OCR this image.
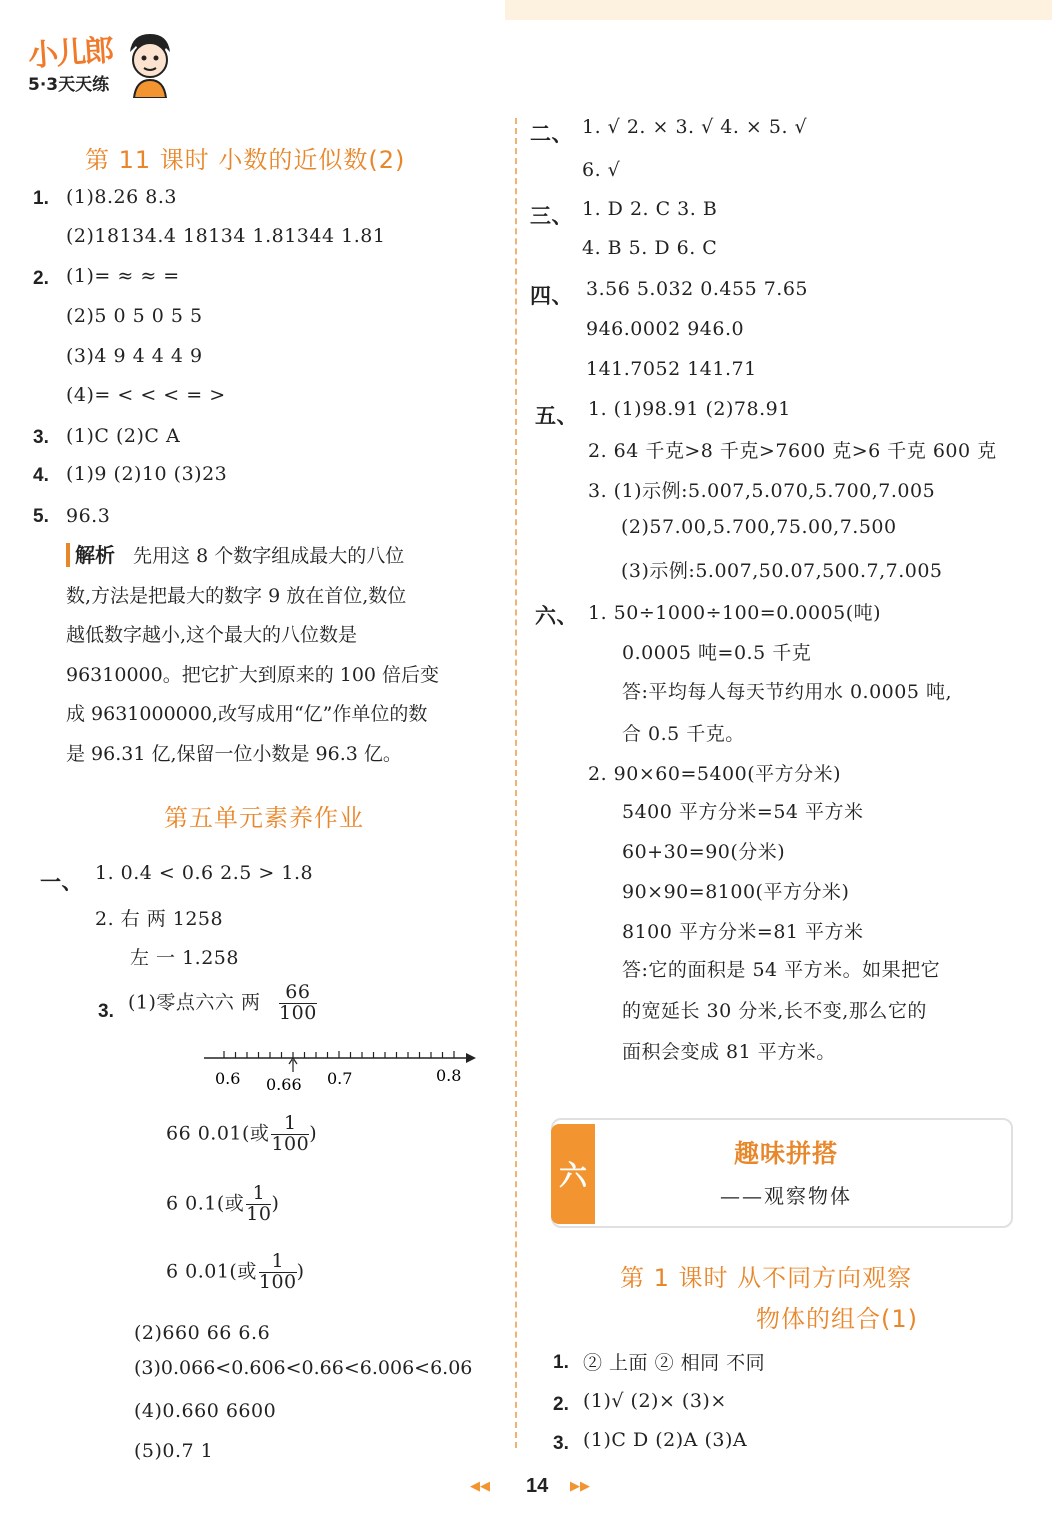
小儿郎
5·3天天练
第 11 课时 小数的近似数(2)
1. (1)8.26 8.3
(2)18134.4 18134 1.81344 1.81
2. (1)= ≈ ≈ =
(2)5 0 5 0 5 5
(3)4 9 4 4 4 9
(4)= < < < = >
3. (1)C (2)C A
4. (1)9 (2)10 (3)23
5. 96.3
解析 先用这 8 个数字组成最大的八位
数,方法是把最大的数字 9 放在首位,数位
越低数字越小,这个最大的八位数是
96310000。把它扩大到原来的 100 倍后变
成 9631000000,改写成用“亿”作单位的数
是 96.31 亿,保留一位小数是 96.3 亿。
第五单元素养作业
一、 1. 0.4 < 0.6 2.5 > 1.8
2. 右 两 1258
左 一 1.258
3. (1)零点六六 两 $\frac{66}{100}$
0.6 0.66 0.7	0.8
66 0.01(或 $\frac{1}{100}$ )
6 0.1(或 $\frac{1}{10}$ )
6 0.01(或 $\frac{1}{100}$ )
(2)660 66 6.6
(3)0.066<0.606<0.66<6.006<6.06
(4)0.660 6600
(5)0.7 1
二、 1. √ 2. × 3. √ 4. × 5. √
6. √
三、 1. D 2. C 3. B
4. B 5. D 6. C
四、 3.56 5.032 0.455 7.65
946.0002 946.0
141.7052 141.71
五、 1. (1)98.91 (2)78.91
2. 64 千克>8 千克>7600 克>6 千克 600 克
3. (1)示例:5.007,5.070,5.700,7.005
(2)57.00,5.700,75.00,7.500
(3)示例:5.007,50.07,500.7,7.005
六、 1. 50÷1000÷100=0.0005(吨)
0.0005 吨=0.5 千克
答:平均每人每天节约用水 0.0005 吨,
合 0.5 千克。
2. 90×60=5400(平方分米)
5400 平方分米=54 平方米
60+30=90(分米)
90×90=8100(平方分米)
8100 平方分米=81 平方米
答:它的面积是 54 平方米。如果把它
的宽延长 30 分米,长不变,那么它的
面积会变成 81 平方米。
六
趣味拼搭
——观察物体
第 1 课时 从不同方向观察
物体的组合(1)
1. ② 上面 ② 相同 不同
2. (1)√ (2)× (3)×
3. (1)C D (2)A (3)A
◀◀ 14 ▶▶
